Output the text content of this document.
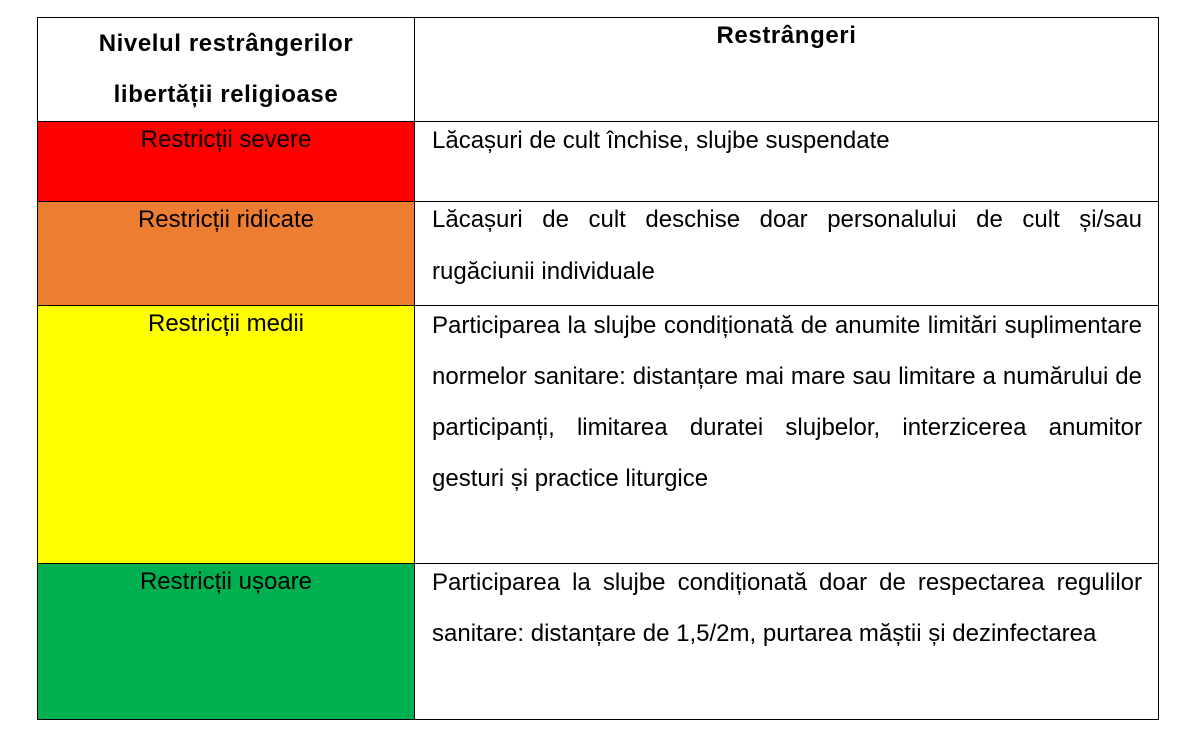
Nivelul restrângerilor
libertății religioase	Restrângeri
Restricții severe	Lăcașuri de cult închise, slujbe suspendate

Restricții ridicate	Lăcașuri de cult deschise doar personalului de cult și/sau rugăciunii individuale

Restricții medii	Participarea la slujbe condiționată de anumite limitări suplimentare normelor sanitare: distanțare mai mare sau limitare a numărului de participanți, limitarea duratei slujbelor, interzicerea anumitor gesturi și practice liturgice

Restricții ușoare	Participarea la slujbe condiționată doar de respectarea regulilor sanitare: distanțare de 1,5/2m, purtarea măștii și dezinfectarea
